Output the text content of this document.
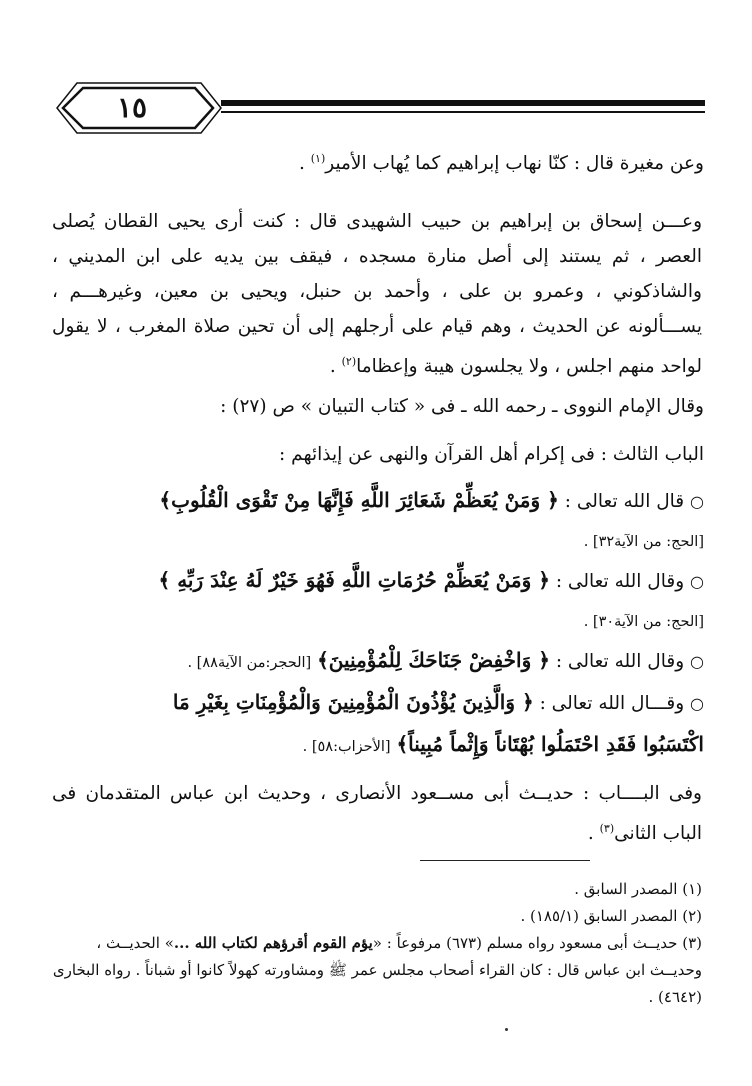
١٥
وعن مغيرة قال : كنّا نهاب إبراهيم كما يُهاب الأمير$^{(١)}$ .

وعـــن إسحاق بن إبراهيم بن حبيب الشهيدى قال : كنت أرى يحيى القطان يُصلى العصر ، ثم يستند إلى أصل منارة مسجده ، فيقف بين يديه على ابن المديني ، والشاذكوني ، وعمرو بن على ، وأحمد بن حنبل، ويحيى بن معين، وغيرهـــم ، يســـألونه عن الحديث ، وهم قيام على أرجلهم إلى أن تحين صلاة المغرب ، لا يقول لواحد منهم اجلس ، ولا يجلسون هيبة وإعظاما$^{(٢)}$ .

وقال الإمام النووى ـ رحمه الله ـ فى « كتاب التبيان » ص (٢٧) :
الباب الثالث : فى إكرام أهل القرآن والنهى عن إيذائهم :
○ قال الله تعالى : ﴿ وَمَنْ يُعَظِّمْ شَعَائِرَ اللَّهِ فَإِنَّهَا مِنْ تَقْوَى الْقُلُوبِ﴾
[الحج: من الآية٣٢] .
○ وقال الله تعالى : ﴿ وَمَنْ يُعَظِّمْ حُرُمَاتِ اللَّهِ فَهُوَ خَيْرٌ لَهُ عِنْدَ رَبِّهِ ﴾
[الحج: من الآية٣٠] .
○ وقال الله تعالى : ﴿ وَاخْفِضْ جَنَاحَكَ لِلْمُؤْمِنِينَ﴾ [الحجر:من الآية٨٨] .
○ وقـــال الله تعالى : ﴿ وَالَّذِينَ يُؤْذُونَ الْمُؤْمِنِينَ وَالْمُؤْمِنَاتِ بِغَيْرِ مَا
اكْتَسَبُوا فَقَدِ احْتَمَلُوا بُهْتَاناً وَإِثْماً مُبِيناً﴾ [الأحزاب:٥٨] .

وفى البــــاب : حديــث أبى مســعود الأنصارى ، وحديث ابن عباس المتقدمان فى الباب الثانى$^{(٣)}$ .

(١) المصدر السابق .

(٢) المصدر السابق (١٨٥/١) .

(٣) حديــث أبى مسعود رواه مسلم (٦٧٣) مرفوعاً : «يؤم القوم أقرؤهم لكتاب الله ...» الحديــث ، وحديــث ابن عباس قال : كان القراء أصحاب مجلس عمر ﷺ ومشاورته كهولاً كانوا أو شباناً . رواه البخارى (٤٦٤٢) .
